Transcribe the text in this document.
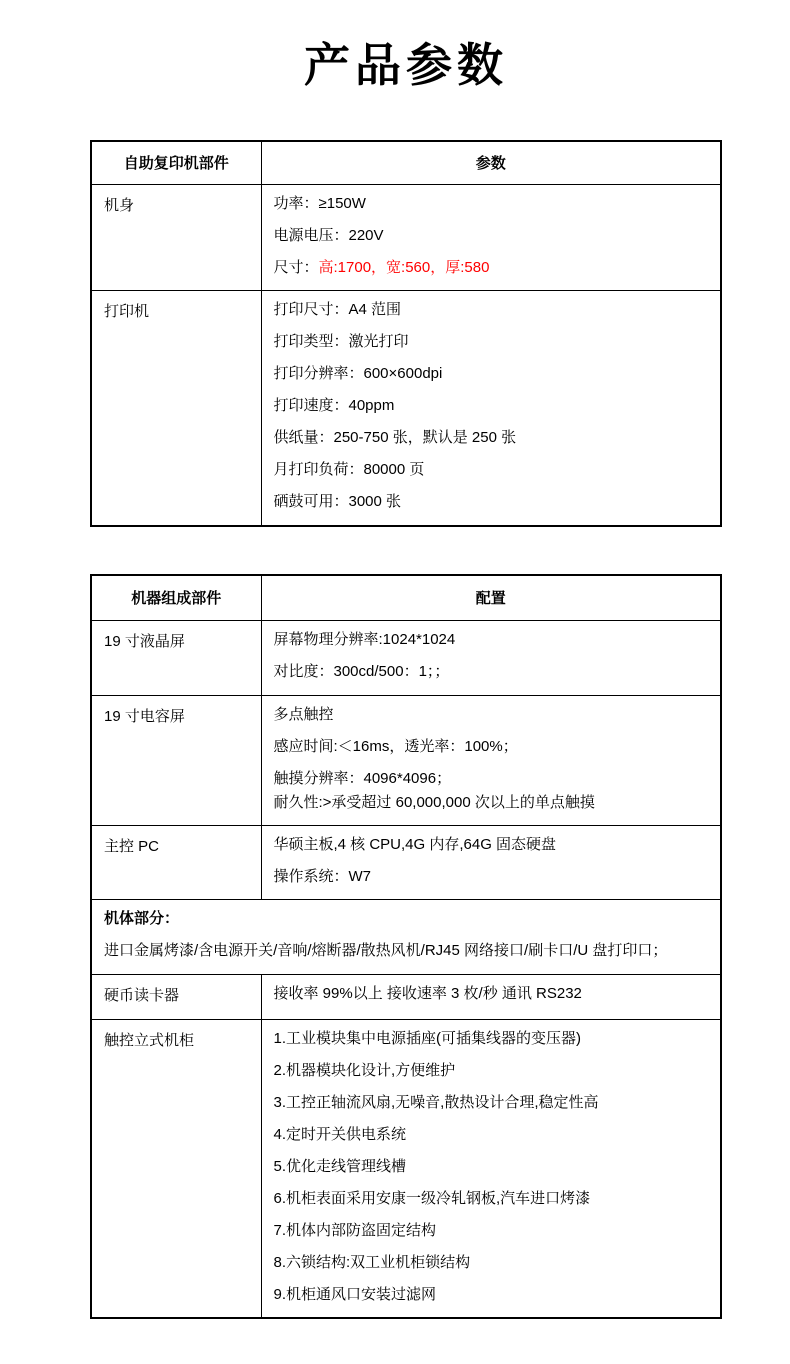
产品参数
自助复印机部件	参数
机身	功率：≥150W

电源电压：220V

尺寸：高:1700，宽:560，厚:580

打印机	打印尺寸：A4 范围

打印类型：激光打印

打印分辨率：600×600dpi

打印速度：40ppm

供纸量：250-750 张，默认是 250 张

月打印负荷：80000 页

硒鼓可用：3000 张

机器组成部件	配置
19 寸液晶屏	屏幕物理分辨率:1024*1024

对比度：300cd/500：1；；

19 寸电容屏	多点触控

感应时间:＜16ms，透光率：100%；

触摸分辨率：4096*4096；

耐久性:>承受超过 60,000,000 次以上的单点触摸

主控 PC	华硕主板,4 核 CPU,4G 内存,64G 固态硬盘

操作系统：W7

机体部分：

进口金属烤漆/含电源开关/音响/熔断器/散热风机/RJ45 网络接口/刷卡口/U 盘打印口；	

硬币读卡器	接收率 99%以上 接收速率 3 枚/秒 通讯 RS232

触控立式机柜	1.工业模块集中电源插座(可插集线器的变压器)

2.机器模块化设计,方便维护

3.工控正轴流风扇,无噪音,散热设计合理,稳定性高

4.定时开关供电系统

5.优化走线管理线槽

6.机柜表面采用安康一级冷轧钢板,汽车进口烤漆

7.机体内部防盗固定结构

8.六锁结构:双工业机柜锁结构

9.机柜通风口安装过滤网
